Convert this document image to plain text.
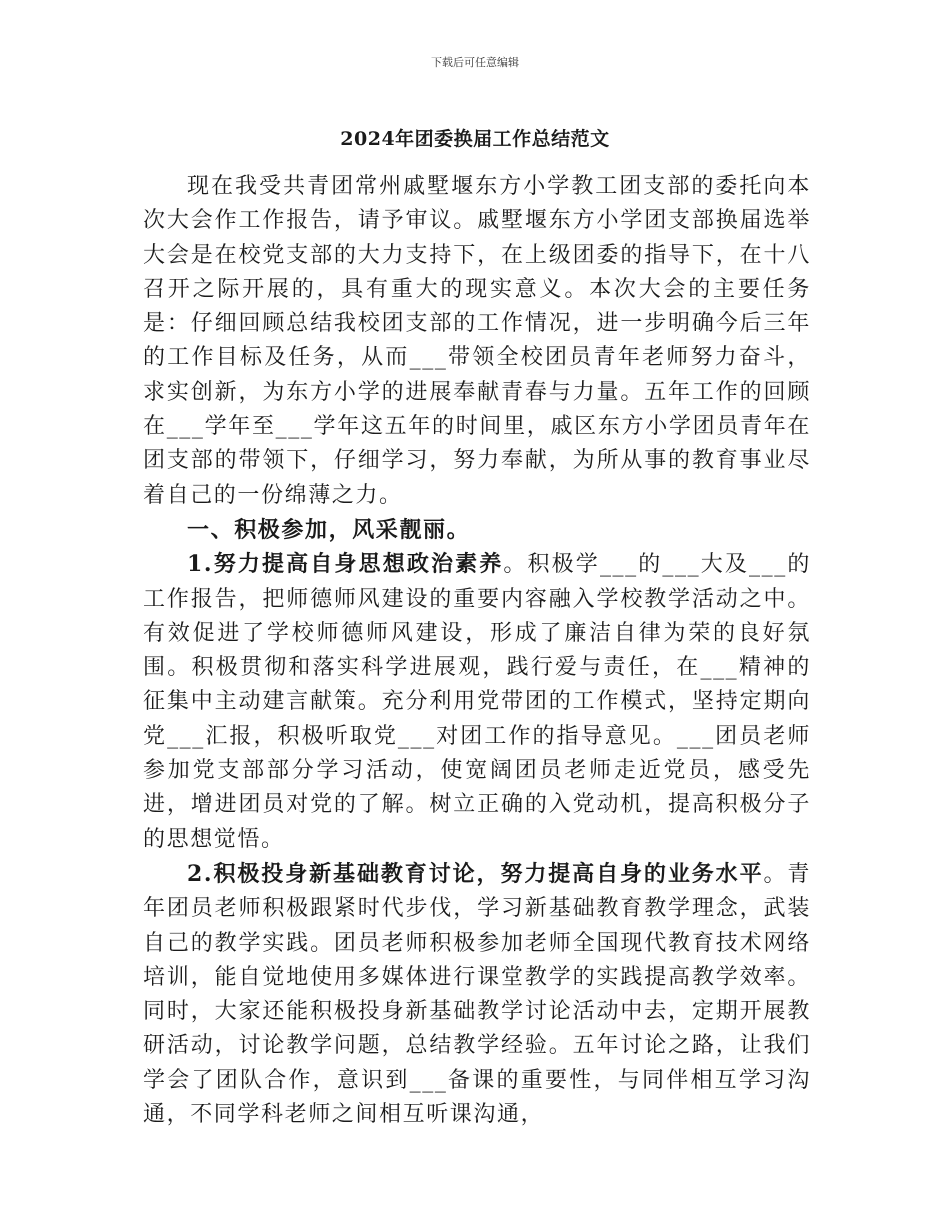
下载后可任意编辑
2024年团委换届工作总结范文

现在我受共青团常州戚墅堰东方小学教工团支部的委托向本次大会作工作报告，请予审议。戚墅堰东方小学团支部换届选举大会是在校党支部的大力支持下，在上级团委的指导下，在十八召开之际开展的，具有重大的现实意义。本次大会的主要任务是：仔细回顾总结我校团支部的工作情况，进一步明确今后三年的工作目标及任务，从而___带领全校团员青年老师努力奋斗，求实创新，为东方小学的进展奉献青春与力量。五年工作的回顾在___学年至___学年这五年的时间里，戚区东方小学团员青年在团支部的带领下，仔细学习，努力奉献，为所从事的教育事业尽着自己的一份绵薄之力。

一、积极参加，风采靓丽。

1.努力提高自身思想政治素养。积极学___的___大及___的工作报告，把师德师风建设的重要内容融入学校教学活动之中。有效促进了学校师德师风建设，形成了廉洁自律为荣的良好氛围。积极贯彻和落实科学进展观，践行爱与责任，在___精神的征集中主动建言献策。充分利用党带团的工作模式，坚持定期向党___汇报，积极听取党___对团工作的指导意见。___团员老师参加党支部部分学习活动，使宽阔团员老师走近党员，感受先进，增进团员对党的了解。树立正确的入党动机，提高积极分子的思想觉悟。

2.积极投身新基础教育讨论，努力提高自身的业务水平。青年团员老师积极跟紧时代步伐，学习新基础教育教学理念，武装自己的教学实践。团员老师积极参加老师全国现代教育技术网络培训，能自觉地使用多媒体进行课堂教学的实践提高教学效率。同时，大家还能积极投身新基础教学讨论活动中去，定期开展教研活动，讨论教学问题，总结教学经验。五年讨论之路，让我们学会了团队合作，意识到___备课的重要性，与同伴相互学习沟通，不同学科老师之间相互听课沟通，
